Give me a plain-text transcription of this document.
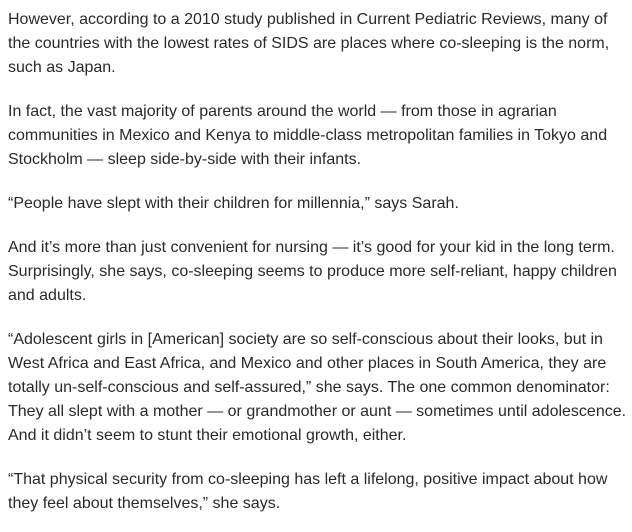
However, according to a 2010 study published in Current Pediatric Reviews, many of the countries with the lowest rates of SIDS are places where co-sleeping is the norm, such as Japan.

In fact, the vast majority of parents around the world — from those in agrarian communities in Mexico and Kenya to middle-class metropolitan families in Tokyo and Stockholm — sleep side-by-side with their infants.

“People have slept with their children for millennia,” says Sarah.

And it’s more than just convenient for nursing — it’s good for your kid in the long term. Surprisingly, she says, co-sleeping seems to produce more self-reliant, happy children and adults.

“Adolescent girls in [American] society are so self-conscious about their looks, but in West Africa and East Africa, and Mexico and other places in South America, they are totally un-self-conscious and self-assured,” she says. The one common denominator: They all slept with a mother — or grandmother or aunt — sometimes until adolescence. And it didn’t seem to stunt their emotional growth, either.

“That physical security from co-sleeping has left a lifelong, positive impact about how they feel about themselves,” she says.
